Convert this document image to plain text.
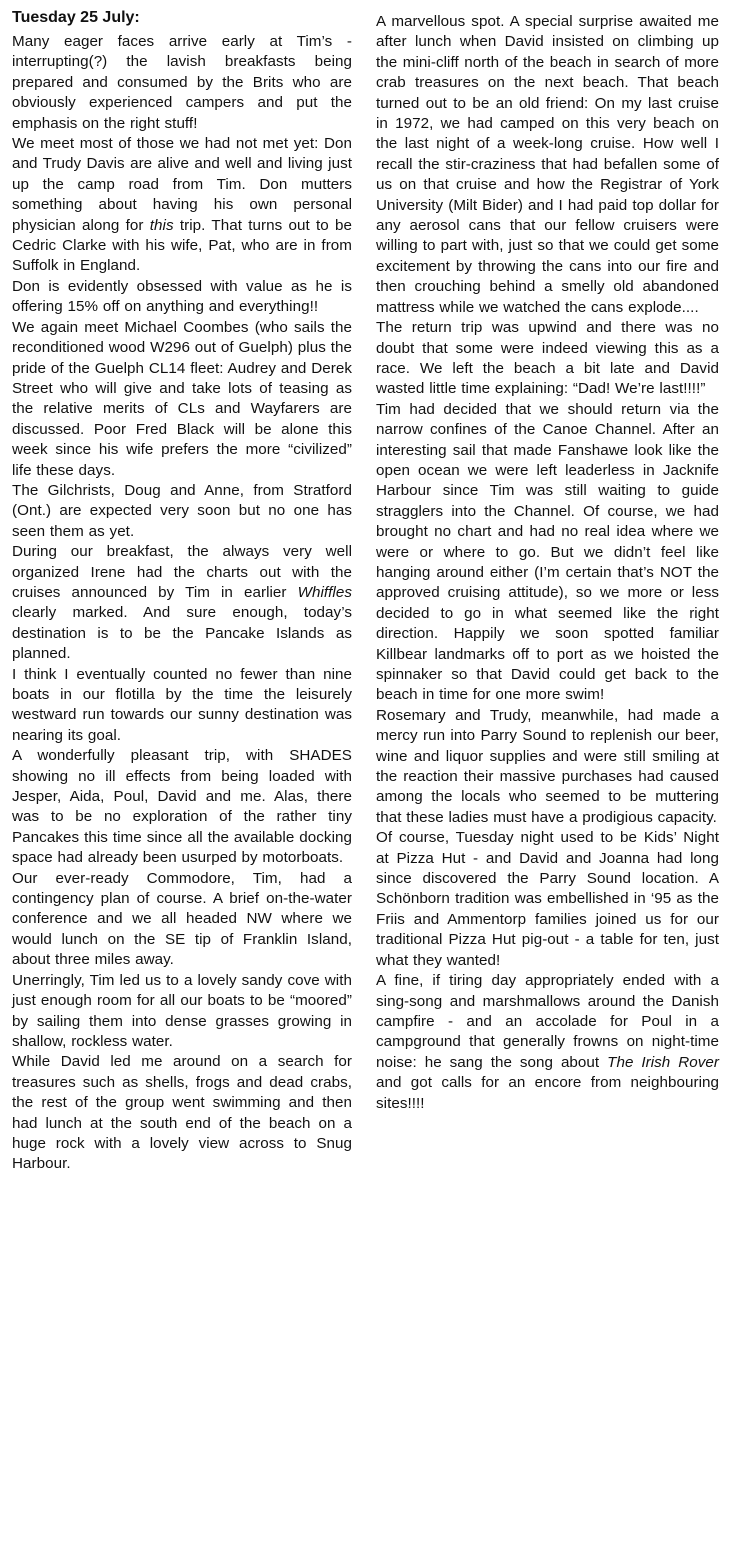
Tuesday 25 July:

Many eager faces arrive early at Tim’s - interrupting(?) the lavish breakfasts being prepared and consumed by the Brits who are obviously experienced campers and put the emphasis on the right stuff!

We meet most of those we had not met yet: Don and Trudy Davis are alive and well and living just up the camp road from Tim. Don mutters something about having his own personal physician along for this trip. That turns out to be Cedric Clarke with his wife, Pat, who are in from Suffolk in England.

Don is evidently obsessed with value as he is offering 15% off on anything and everything!!

We again meet Michael Coombes (who sails the reconditioned wood W296 out of Guelph) plus the pride of the Guelph CL14 fleet: Audrey and Derek Street who will give and take lots of teasing as the relative merits of CLs and Wayfarers are discussed. Poor Fred Black will be alone this week since his wife prefers the more “civilized” life these days.

The Gilchrists, Doug and Anne, from Stratford (Ont.) are expected very soon but no one has seen them as yet.

During our breakfast, the always very well organized Irene had the charts out with the cruises announced by Tim in earlier Whiffles clearly marked. And sure enough, today’s destination is to be the Pancake Islands as planned.

I think I eventually counted no fewer than nine boats in our flotilla by the time the leisurely westward run towards our sunny destination was nearing its goal.

A wonderfully pleasant trip, with SHADES showing no ill effects from being loaded with Jesper, Aida, Poul, David and me. Alas, there was to be no exploration of the rather tiny Pancakes this time since all the available docking space had already been usurped by motorboats.

Our ever-ready Commodore, Tim, had a contingency plan of course. A brief on-the-water conference and we all headed NW where we would lunch on the SE tip of Franklin Island, about three miles away.

Unerringly, Tim led us to a lovely sandy cove with just enough room for all our boats to be “moored” by sailing them into dense grasses growing in shallow, rockless water.

While David led me around on a search for treasures such as shells, frogs and dead crabs, the rest of the group went swimming and then had lunch at the south end of the beach on a huge rock with a lovely view across to Snug Harbour.

A marvellous spot. A special surprise awaited me after lunch when David insisted on climbing up the mini-cliff north of the beach in search of more crab treasures on the next beach. That beach turned out to be an old friend: On my last cruise in 1972, we had camped on this very beach on the last night of a week-long cruise. How well I recall the stir-craziness that had befallen some of us on that cruise and how the Registrar of York University (Milt Bider) and I had paid top dollar for any aerosol cans that our fellow cruisers were willing to part with, just so that we could get some excitement by throwing the cans into our fire and then crouching behind a smelly old abandoned mattress while we watched the cans explode....

The return trip was upwind and there was no doubt that some were indeed viewing this as a race. We left the beach a bit late and David wasted little time explaining: “Dad! We’re last!!!!”

Tim had decided that we should return via the narrow confines of the Canoe Channel. After an interesting sail that made Fanshawe look like the open ocean we were left leaderless in Jacknife Harbour since Tim was still waiting to guide stragglers into the Channel. Of course, we had brought no chart and had no real idea where we were or where to go. But we didn’t feel like hanging around either (I’m certain that’s NOT the approved cruising attitude), so we more or less decided to go in what seemed like the right direction. Happily we soon spotted familiar Killbear landmarks off to port as we hoisted the spinnaker so that David could get back to the beach in time for one more swim!

Rosemary and Trudy, meanwhile, had made a mercy run into Parry Sound to replenish our beer, wine and liquor supplies and were still smiling at the reaction their massive purchases had caused among the locals who seemed to be muttering that these ladies must have a prodigious capacity.

Of course, Tuesday night used to be Kids’ Night at Pizza Hut - and David and Joanna had long since discovered the Parry Sound location. A Schönborn tradition was embellished in ‘95 as the Friis and Ammentorp families joined us for our traditional Pizza Hut pig-out - a table for ten, just what they wanted!

A fine, if tiring day appropriately ended with a sing-song and marshmallows around the Danish campfire - and an accolade for Poul in a campground that generally frowns on night-time noise: he sang the song about The Irish Rover and got calls for an encore from neighbouring sites!!!!
